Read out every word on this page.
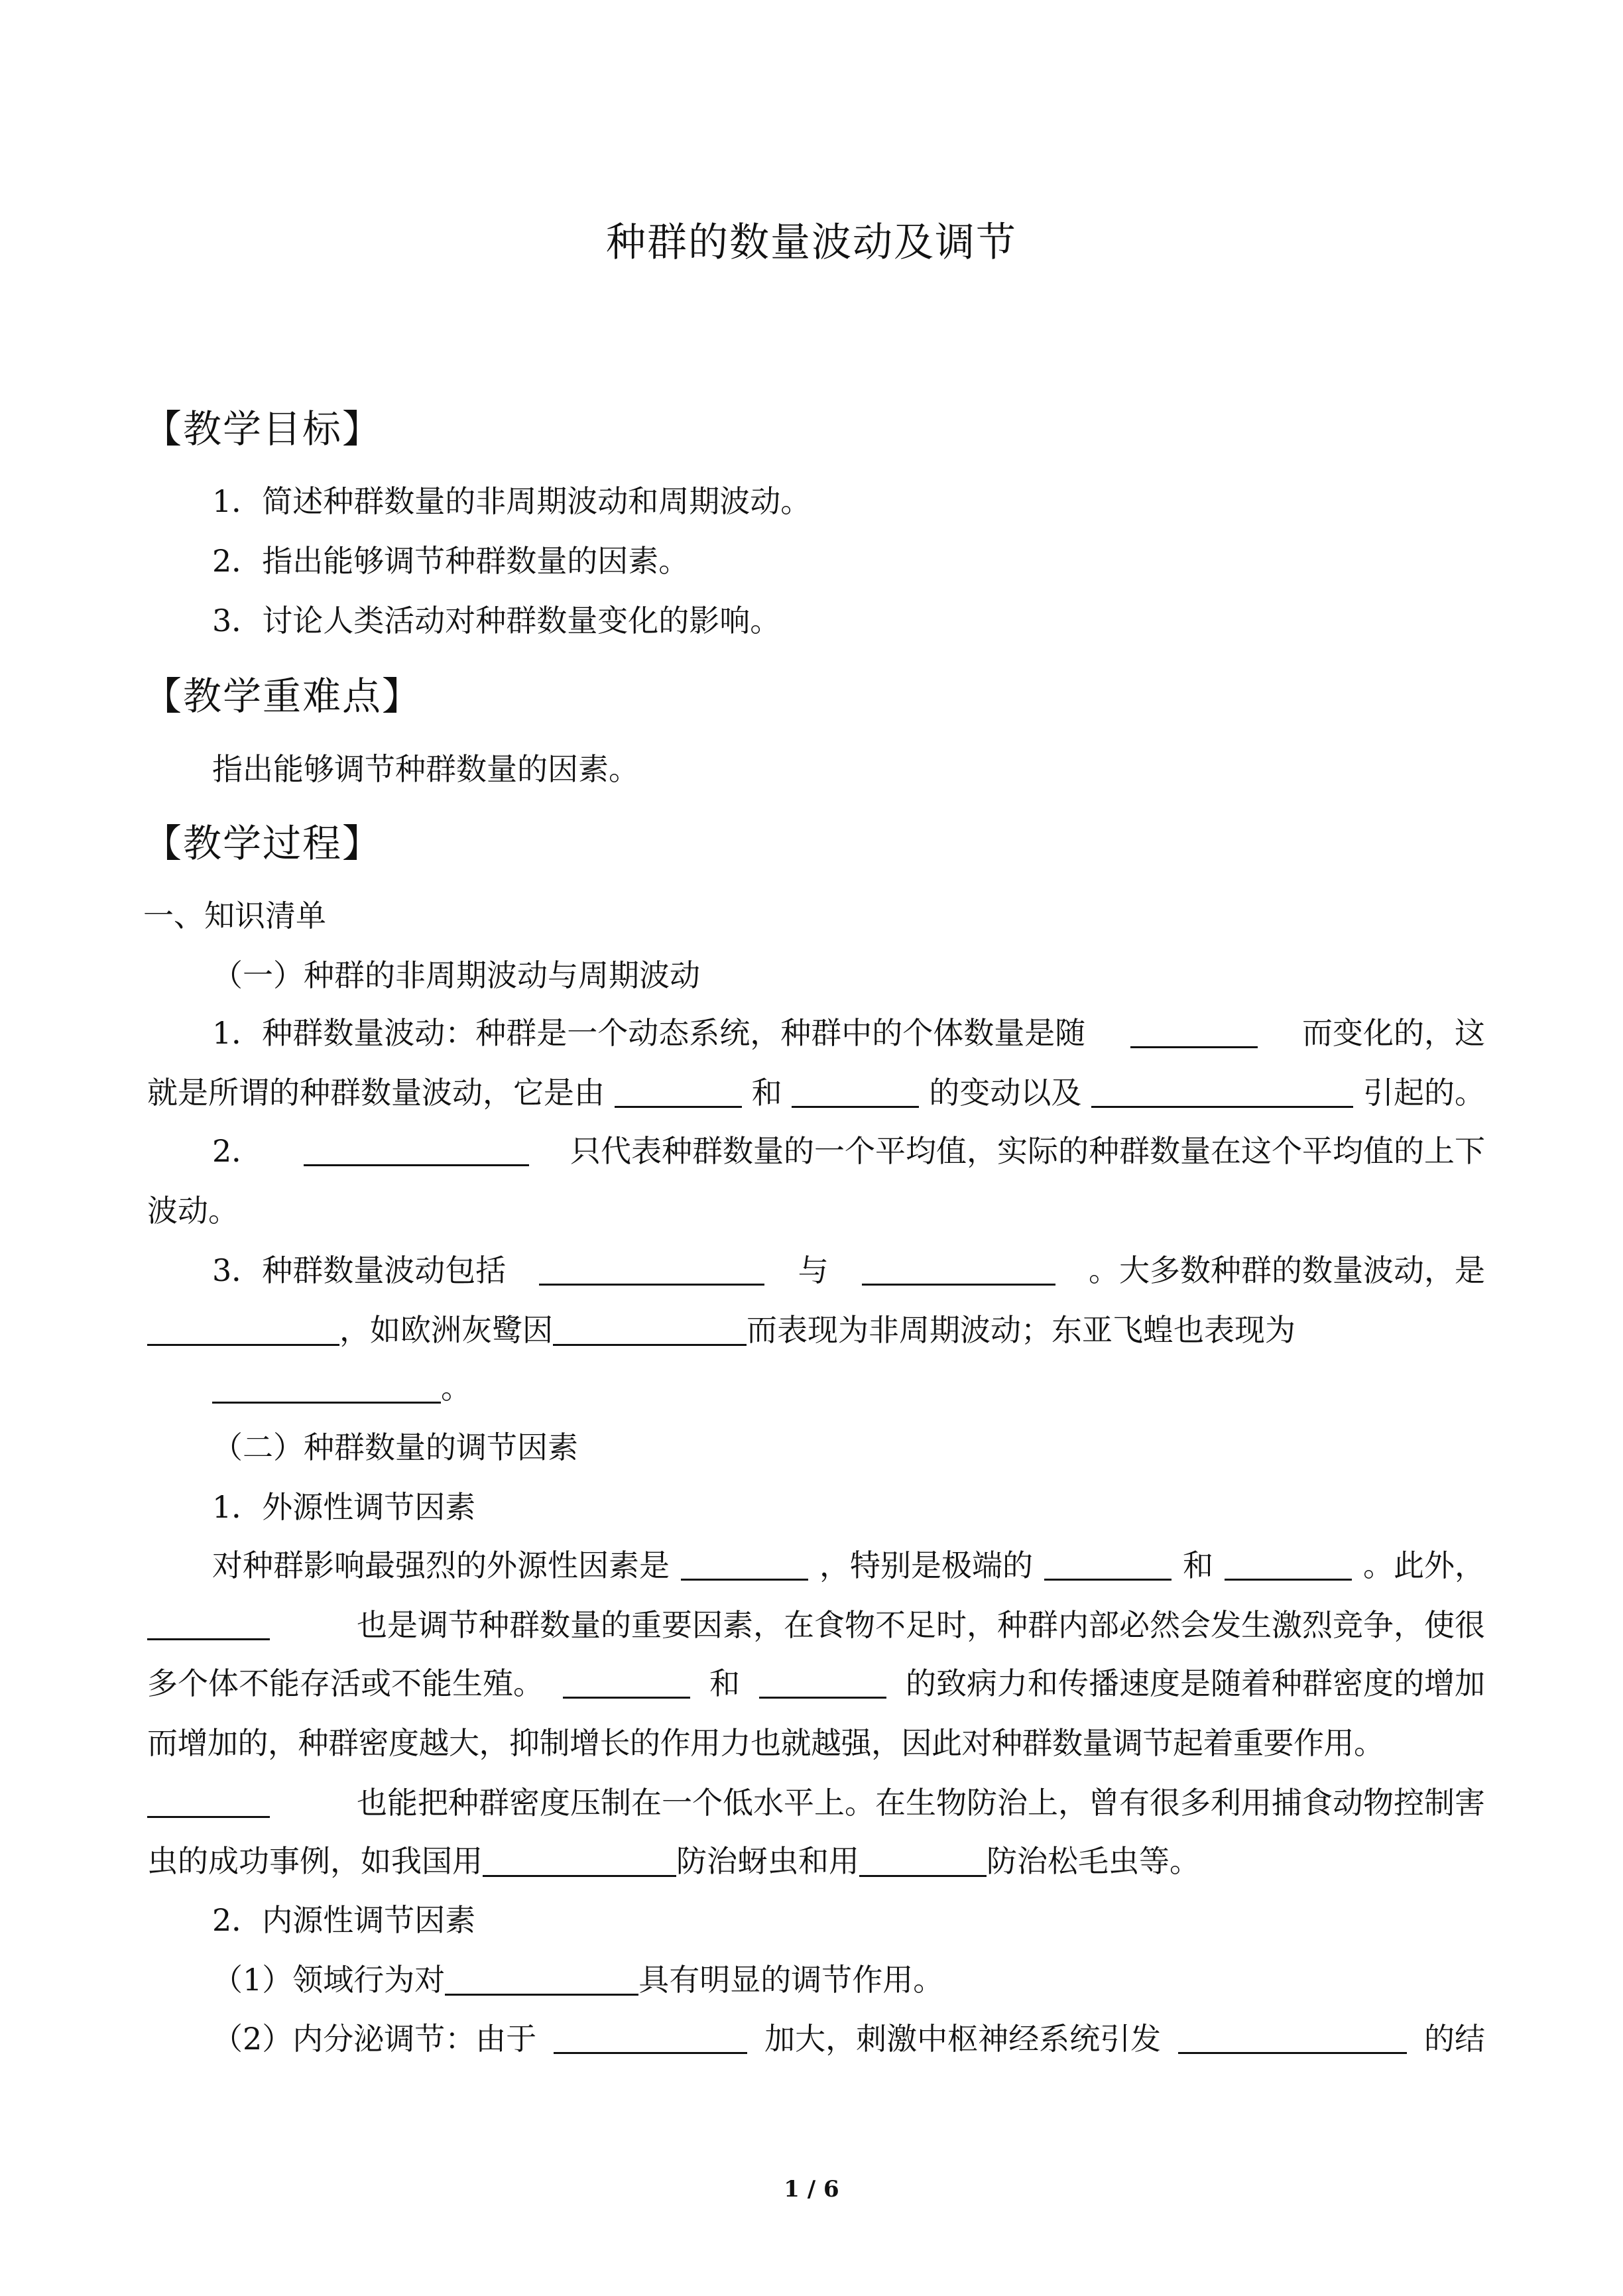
种群的数量波动及调节
【教学目标】
1．简述种群数量的非周期波动和周期波动。
2．指出能够调节种群数量的因素。
3．讨论人类活动对种群数量变化的影响。
【教学重难点】
指出能够调节种群数量的因素。
【教学过程】
一、知识清单
（一）种群的非周期波动与周期波动
1．种群数量波动：种群是一个动态系统，种群中的个体数量是随	而变化的，这
就是所谓的种群数量波动，它是由	和	的变动以及	引起的。
2．	只代表种群数量的一个平均值，实际的种群数量在这个平均值的上下
波动。
3．种群数量波动包括	与	。大多数种群的数量波动，是
，如欧洲灰鹭因	而表现为非周期波动；东亚飞蝗也表现为
。
（二）种群数量的调节因素
1．外源性调节因素
对种群影响最强烈的外源性因素是	，特别是极端的	和	。此外，
也是调节种群数量的重要因素，在食物不足时，种群内部必然会发生激烈竞争，使很
多个体不能存活或不能生殖。	和	的致病力和传播速度是随着种群密度的增加
而增加的，种群密度越大，抑制增长的作用力也就越强，因此对种群数量调节起着重要作用。
也能把种群密度压制在一个低水平上。在生物防治上，曾有很多利用捕食动物控制害
虫的成功事例，如我国用	防治蚜虫和用	防治松毛虫等。
2．内源性调节因素
（1）领域行为对	具有明显的调节作用。
（2）内分泌调节：由于	加大，刺激中枢神经系统引发	的结
1 / 6
